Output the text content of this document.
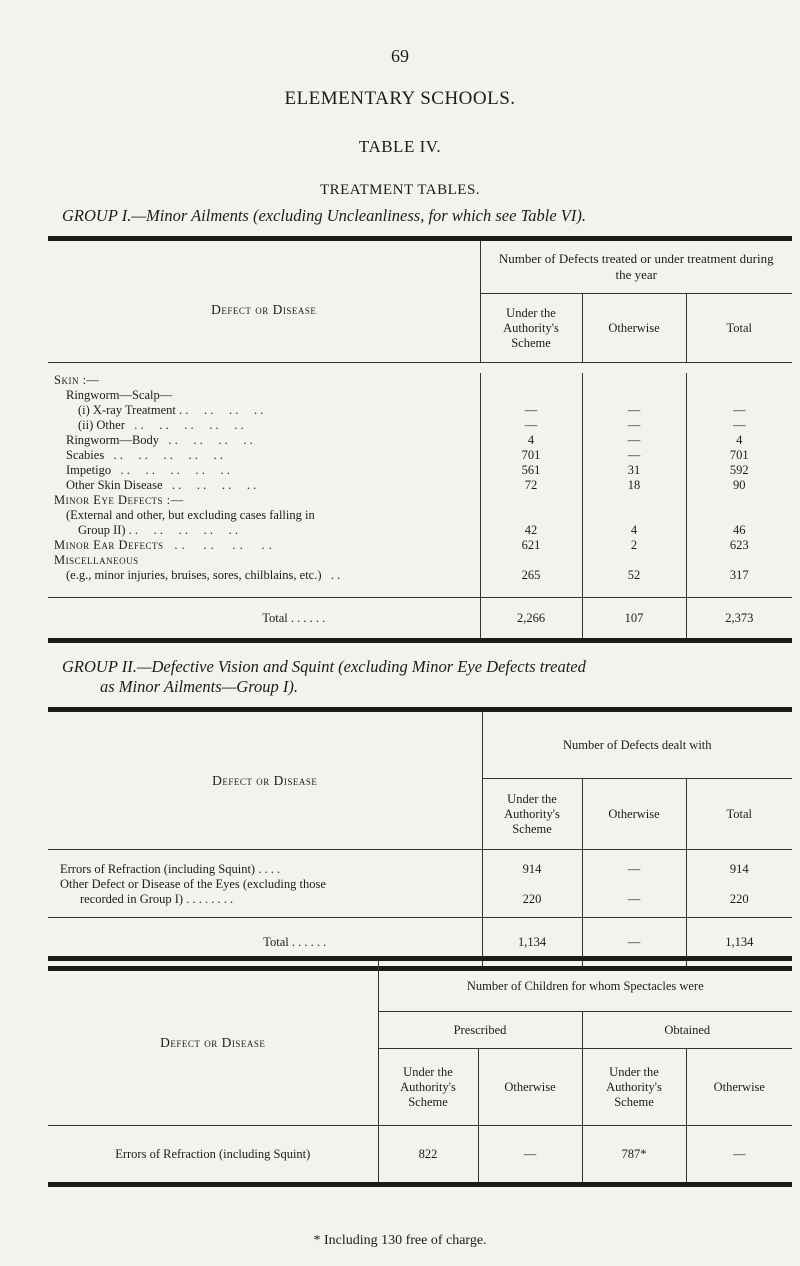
69
ELEMENTARY SCHOOLS.
TABLE IV.
TREATMENT TABLES.
GROUP I.—Minor Ailments (excluding Uncleanliness, for which see Table VI).
Defect or Disease	Number of Defects treated or under treatment during the year		
	Under the Authority's Scheme	Otherwise	Total

Skin :—			
Ringworm—Scalp—			
(i) X-ray Treatment . .     . .     . .     . .	—	—	—
(ii) Other   . .     . .     . .     . .     . .	—	—	—
Ringworm—Body   . .     . .     . .     . .	4	—	4
Scabies   . .     . .     . .     . .     . .	701	—	701
Impetigo   . .     . .     . .     . .     . .	561	31	592
Other Skin Disease   . .     . .     . .     . .	72	18	90
Minor Eye Defects :—			
(External and other, but excluding cases falling in			
Group II) . .     . .     . .     . .     . .	42	4	46
Minor Ear Defects   . .     . .     . .     . .	621	2	623
Miscellaneous			
(e.g., minor injuries, bruises, sores, chilblains, etc.)   . .	265	52	317

Total . . . . . .	2,266	107	2,373
GROUP II.—Defective Vision and Squint (excluding Minor Eye Defects treated
as Minor Ailments—Group I).
Defect or Disease	Number of Defects dealt with		
	Under the Authority's Scheme	Otherwise	Total

Errors of Refraction (including Squint) . . . .	914	—	914
Other Defect or Disease of the Eyes (excluding those			
recorded in Group I) . . . . . . . .	220	—	220

Total . . . . . .	1,134	—	1,134
Defect or Disease	Number of Children for whom Spectacles were			
	Prescribed		Obtained	
	Under the Authority's Scheme	Otherwise	Under the Authority's Scheme	Otherwise
Errors of Refraction (including Squint)	822	—	787*	—
* Including 130 free of charge.
